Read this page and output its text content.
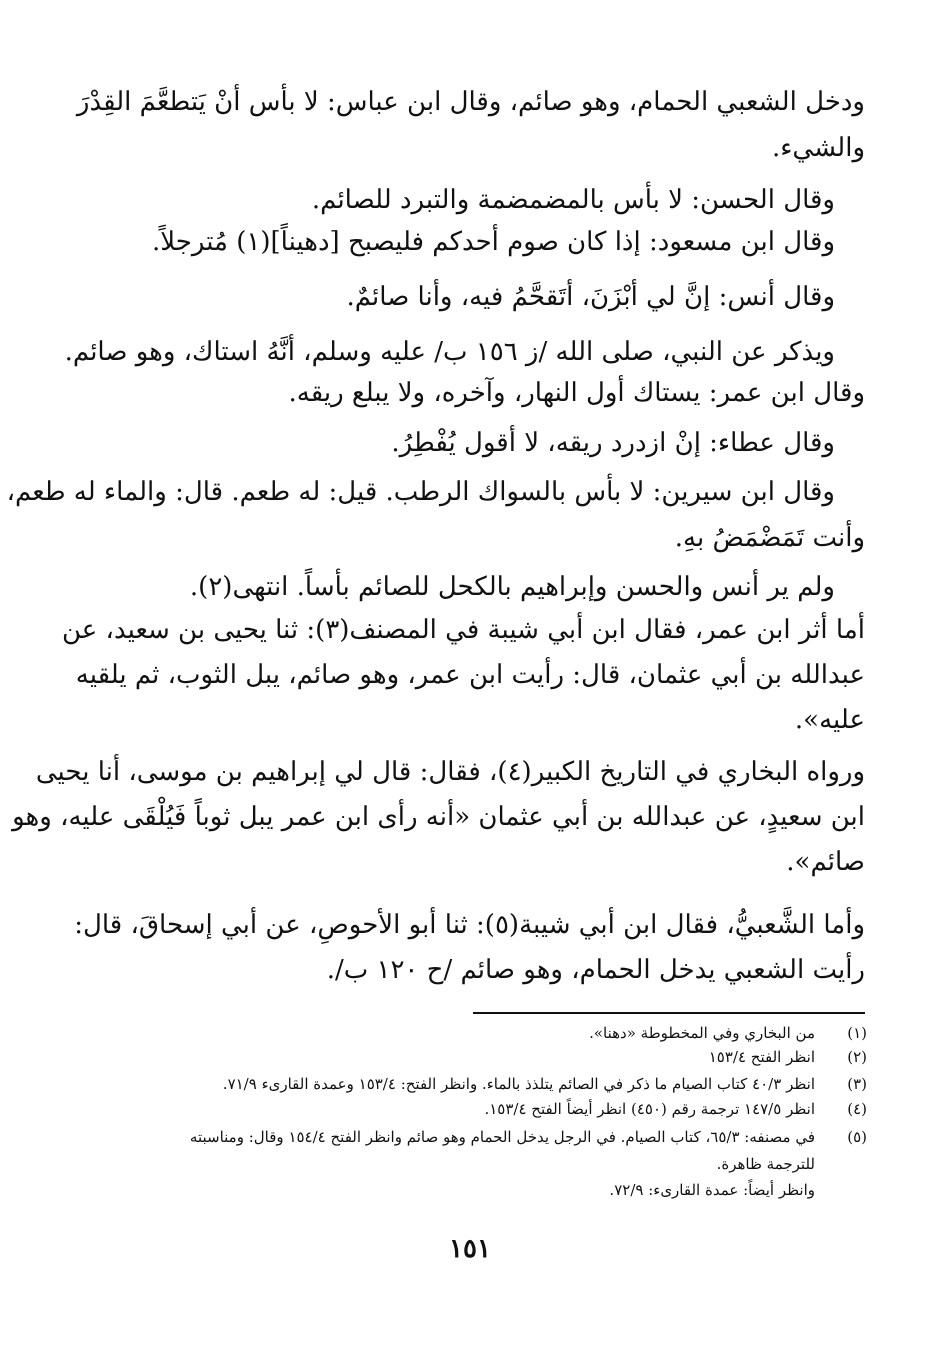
ودخل الشعبي الحمام، وهو صائم، وقال ابن عباس: لا بأس أنْ يَتطعَّمَ القِدْرَ
والشيء.
وقال الحسن: لا بأس بالمضمضمة والتبرد للصائم.
وقال ابن مسعود: إذا كان صوم أحدكم فليصبح [دهيناً](١) مُترجلاً.
وقال أنس: إنَّ لي أبْزَنَ، أتَقحَّمُ فيه، وأنا صائمٌ.
ويذكر عن النبي، صلى الله /ز ١٥٦ ب/ عليه وسلم، أنَّهُ استاك، وهو صائم.
وقال ابن عمر: يستاك أول النهار، وآخره، ولا يبلع ريقه.
وقال عطاء: إنْ ازدرد ريقه، لا أقول يُفْطِرُ.
وقال ابن سيرين: لا بأس بالسواك الرطب. قيل: له طعم. قال: والماء له طعم،
وأنت تَمَضْمَضُ بهِ.
ولم ير أنس والحسن وإبراهيم بالكحل للصائم بأساً. انتهى(٢).
أما أثر ابن عمر، فقال ابن أبي شيبة في المصنف(٣): ثنا يحيى بن سعيد، عن
عبدالله بن أبي عثمان، قال: رأيت ابن عمر، وهو صائم، يبل الثوب، ثم يلقيه
عليه».
ورواه البخاري في التاريخ الكبير(٤)، فقال: قال لي إبراهيم بن موسى، أنا يحيى
ابن سعيدٍ، عن عبدالله بن أبي عثمان «أنه رأى ابن عمر يبل ثوباً فَيُلْقَى عليه، وهو
صائم».
وأما الشَّعبيُّ، فقال ابن أبي شيبة(٥): ثنا أبو الأحوصِ، عن أبي إسحاقَ، قال:
رأيت الشعبي يدخل الحمام، وهو صائم /ح ١٢٠ ب/.
(١)
من البخاري وفي المخطوطة «دهنا».
(٢)
انظر الفتح ١٥٣/٤
(٣)
انظر ٤٠/٣ كتاب الصيام ما ذكر في الصائم يتلذذ بالماء. وانظر الفتح: ١٥٣/٤ وعمدة القارىء ٧١/٩.
(٤)
انظر ١٤٧/٥ ترجمة رقم (٤٥٠) انظر أيضاً الفتح ١٥٣/٤.
(٥)
في مصنفه: ٦٥/٣، كتاب الصيام. في الرجل يدخل الحمام وهو صائم وانظر الفتح ١٥٤/٤ وقال: ومناسبته
للترجمة ظاهرة.
وانظر أيضاً: عمدة القارىء: ٧٢/٩.
١٥١
